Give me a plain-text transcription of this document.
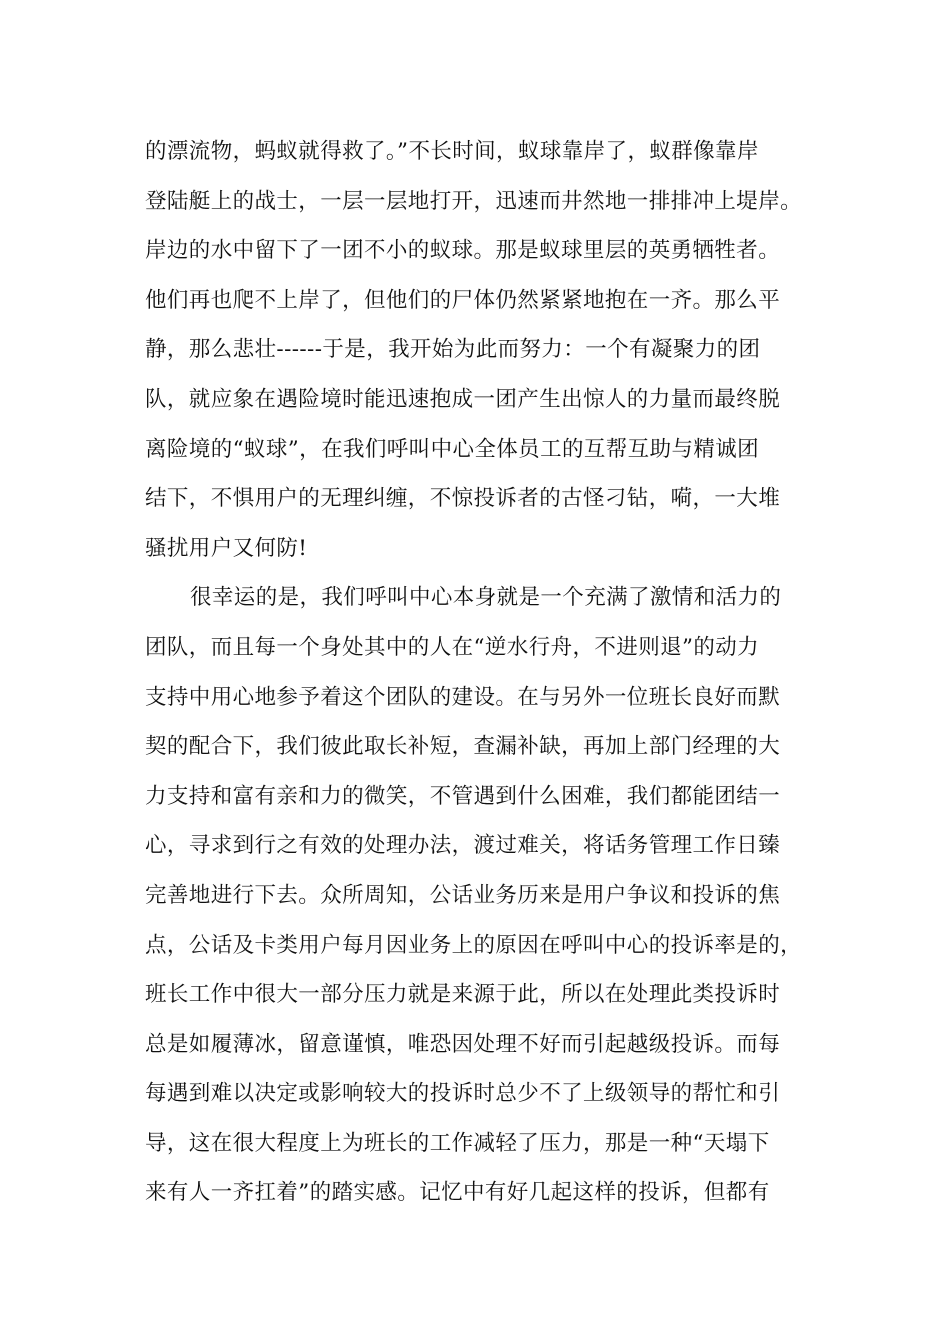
的漂流物，蚂蚁就得救了。”不长时间，蚁球靠岸了，蚁群像靠岸
登陆艇上的战士，一层一层地打开，迅速而井然地一排排冲上堤岸。
岸边的水中留下了一团不小的蚁球。那是蚁球里层的英勇牺牲者。
他们再也爬不上岸了，但他们的尸体仍然紧紧地抱在一齐。那么平
静，那么悲壮------于是，我开始为此而努力：一个有凝聚力的团
队，就应象在遇险境时能迅速抱成一团产生出惊人的力量而最终脱
离险境的“蚁球”，在我们呼叫中心全体员工的互帮互助与精诚团
结下，不惧用户的无理纠缠，不惊投诉者的古怪刁钻，嗬，一大堆
骚扰用户又何防!
很幸运的是，我们呼叫中心本身就是一个充满了激情和活力的
团队，而且每一个身处其中的人在“逆水行舟，不进则退”的动力
支持中用心地参予着这个团队的建设。在与另外一位班长良好而默
契的配合下，我们彼此取长补短，查漏补缺，再加上部门经理的大
力支持和富有亲和力的微笑，不管遇到什么困难，我们都能团结一
心，寻求到行之有效的处理办法，渡过难关，将话务管理工作日臻
完善地进行下去。众所周知，公话业务历来是用户争议和投诉的焦
点，公话及卡类用户每月因业务上的原因在呼叫中心的投诉率是的，
班长工作中很大一部分压力就是来源于此，所以在处理此类投诉时
总是如履薄冰，留意谨慎，唯恐因处理不好而引起越级投诉。而每
每遇到难以决定或影响较大的投诉时总少不了上级领导的帮忙和引
导，这在很大程度上为班长的工作减轻了压力，那是一种“天塌下
来有人一齐扛着”的踏实感。记忆中有好几起这样的投诉，但都有
